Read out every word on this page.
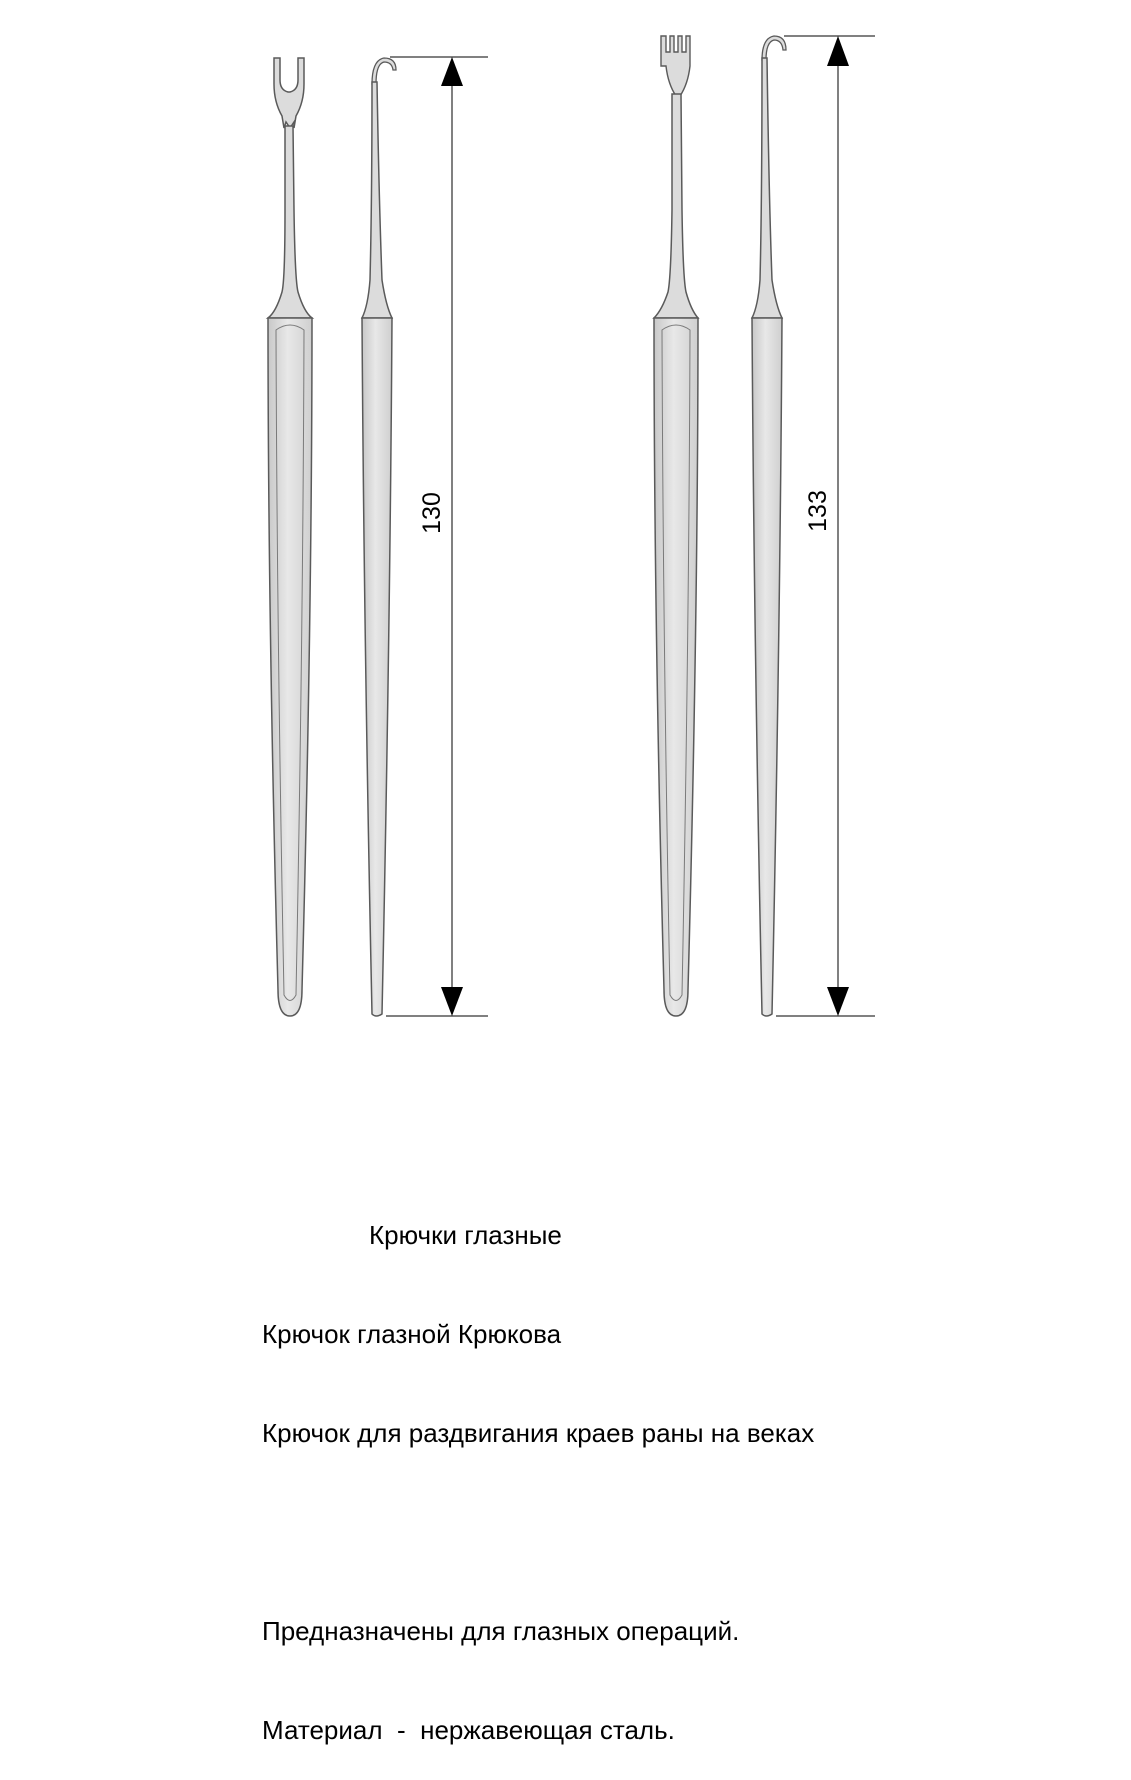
130	133

Крючки глазные

Крючок глазной Крюкова

Крючок для раздвигания краев раны на веках

Предназначены для глазных операций.

Материал  -  нержавеющая сталь.
